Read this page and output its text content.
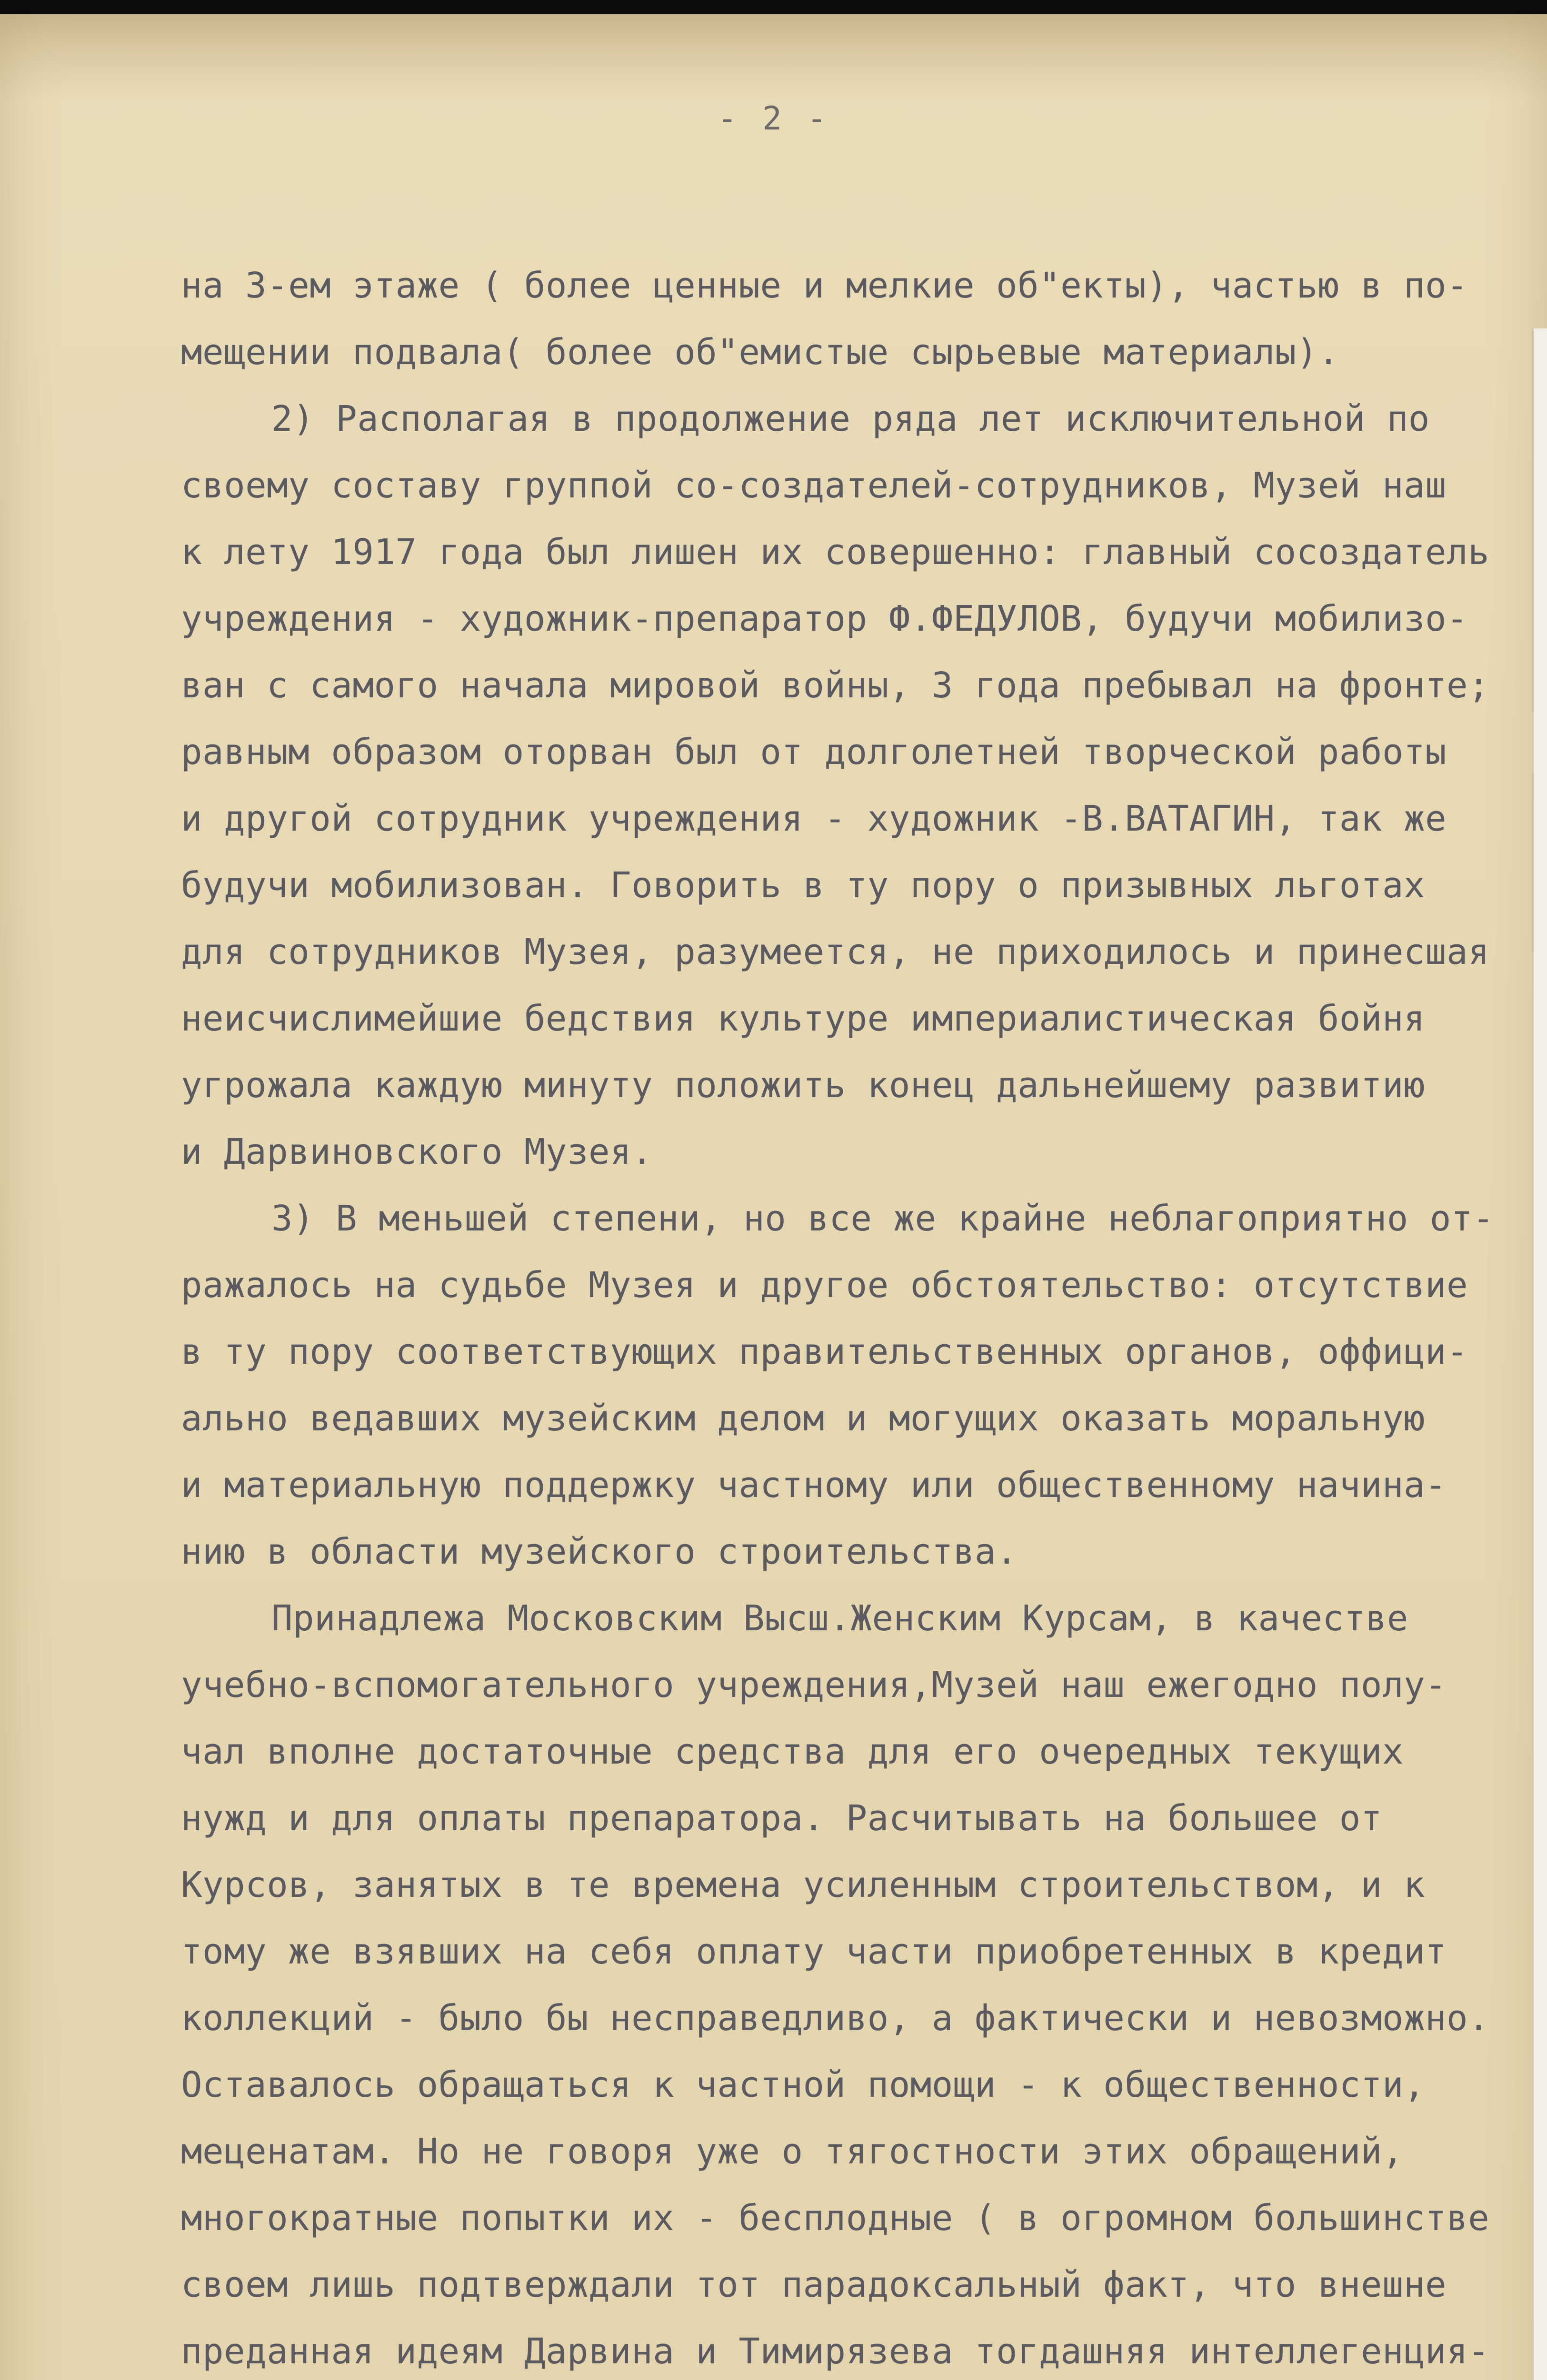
- 2 -
на 3-ем этаже ( более ценные и мелкие об"екты), частью в по-
мещении подвала( более об"емистые сырьевые материалы).
2) Располагая в продолжение ряда лет исключительной по
своему составу группой со-создателей-сотрудников, Музей наш
к лету 1917 года был лишен их совершенно: главный сосоздатель
учреждения - художник-препаратор Ф.ФЕДУЛОВ, будучи мобилизо-
ван с самого начала мировой войны, 3 года пребывал на фронте;
равным образом оторван был от долголетней творческой работы
и другой сотрудник учреждения - художник -В.ВАТАГИН, так же
будучи мобилизован. Говорить в ту пору о призывных льготах
для сотрудников Музея, разумеется, не приходилось и принесшая
неисчислимейшие бедствия культуре империалистическая бойня
угрожала каждую минуту положить конец дальнейшему развитию
и Дарвиновского Музея.
3) В меньшей степени, но все же крайне неблагоприятно от-
ражалось на судьбе Музея и другое обстоятельство: отсутствие
в ту пору соответствующих правительственных органов, оффици-
ально ведавших музейским делом и могущих оказать моральную
и материальную поддержку частному или общественному начина-
нию в области музейского строительства.
Принадлежа Московским Высш.Женским Курсам, в качестве
учебно-вспомогательного учреждения,Музей наш ежегодно полу-
чал вполне достаточные средства для его очередных текущих
нужд и для оплаты препаратора. Расчитывать на большее от
Курсов, занятых в те времена усиленным строительством, и к
тому же взявших на себя оплату части приобретенных в кредит
коллекций - было бы несправедливо, а фактически и невозможно.
Оставалось обращаться к частной помощи - к общественности,
меценатам. Но не говоря уже о тягостности этих обращений,
многократные попытки их - бесплодные ( в огромном большинстве
своем лишь подтверждали тот парадоксальный факт, что внешне
преданная идеям Дарвина и Тимирязева тогдашняя интеллегенция-
